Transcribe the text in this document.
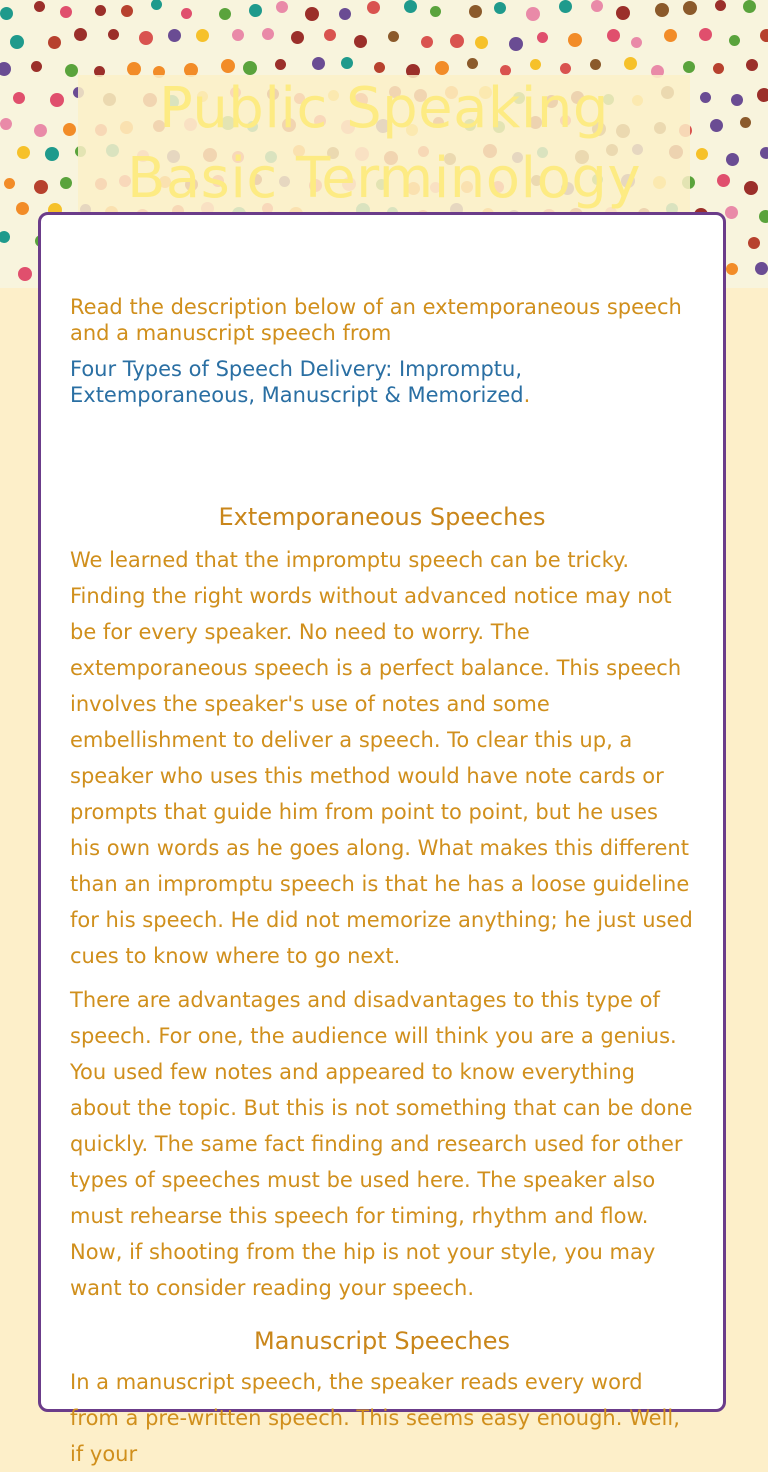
Public Speaking Basic Terminology

Read the description below of an extemporaneous speech and a manuscript speech from

Four Types of Speech Delivery: Impromptu, Extemporaneous, Manuscript & Memorized.
Extemporaneous Speeches

We learned that the impromptu speech can be tricky. Finding the right words without advanced notice may not be for every speaker. No need to worry. The extemporaneous speech is a perfect balance. This speech involves the speaker's use of notes and some embellishment to deliver a speech. To clear this up, a speaker who uses this method would have note cards or prompts that guide him from point to point, but he uses his own words as he goes along. What makes this different than an impromptu speech is that he has a loose guideline for his speech. He did not memorize anything; he just used cues to know where to go next.

There are advantages and disadvantages to this type of speech. For one, the audience will think you are a genius. You used few notes and appeared to know everything about the topic. But this is not something that can be done quickly. The same fact finding and research used for other types of speeches must be used here. The speaker also must rehearse this speech for timing, rhythm and flow. Now, if shooting from the hip is not your style, you may want to consider reading your speech.

Manuscript Speeches

In a manuscript speech, the speaker reads every word from a pre-written speech. This seems easy enough. Well, if your
